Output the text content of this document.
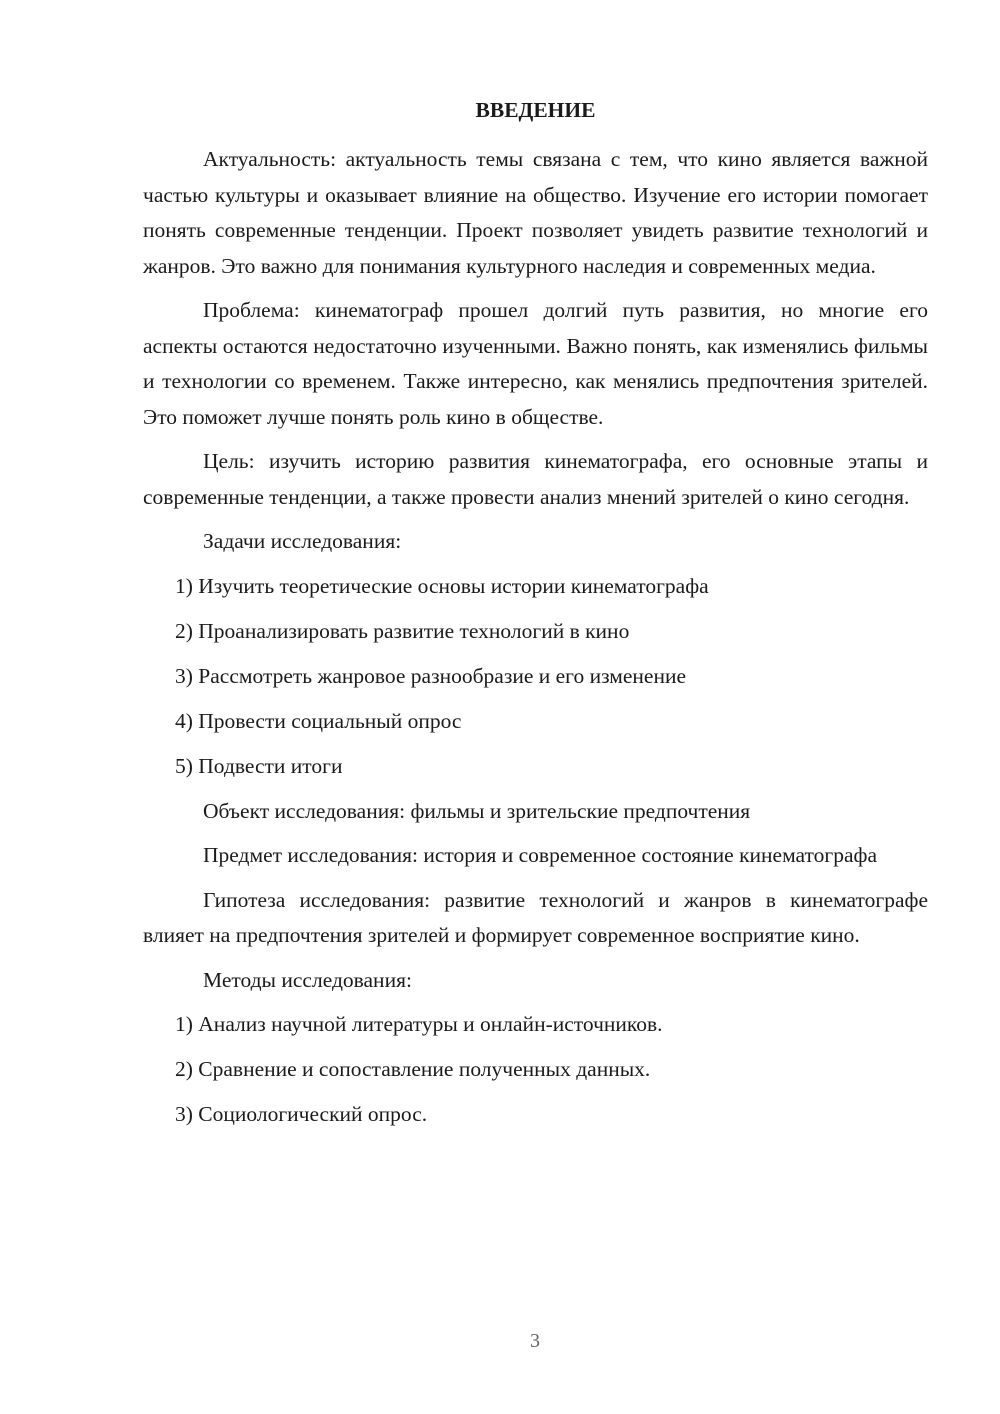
ВВЕДЕНИЕ

Актуальность: актуальность темы связана с тем, что кино является важной частью культуры и оказывает влияние на общество. Изучение его истории помогает понять современные тенденции. Проект позволяет увидеть развитие технологий и жанров. Это важно для понимания культурного наследия и современных медиа.

Проблема: кинематограф прошел долгий путь развития, но многие его аспекты остаются недостаточно изученными. Важно понять, как изменялись фильмы и технологии со временем. Также интересно, как менялись предпочтения зрителей. Это поможет лучше понять роль кино в обществе.

Цель: изучить историю развития кинематографа, его основные этапы и современные тенденции, а также провести анализ мнений зрителей о кино сегодня.

Задачи исследования:

1) Изучить теоретические основы истории кинематографа

2) Проанализировать развитие технологий в кино

3) Рассмотреть жанровое разнообразие и его изменение

4) Провести социальный опрос

5) Подвести итоги

Объект исследования: фильмы и зрительские предпочтения

Предмет исследования: история и современное состояние кинематографа

Гипотеза исследования: развитие технологий и жанров в кинематографе влияет на предпочтения зрителей и формирует современное восприятие кино.

Методы исследования:

1) Анализ научной литературы и онлайн-источников.

2) Сравнение и сопоставление полученных данных.

3) Социологический опрос.

3
